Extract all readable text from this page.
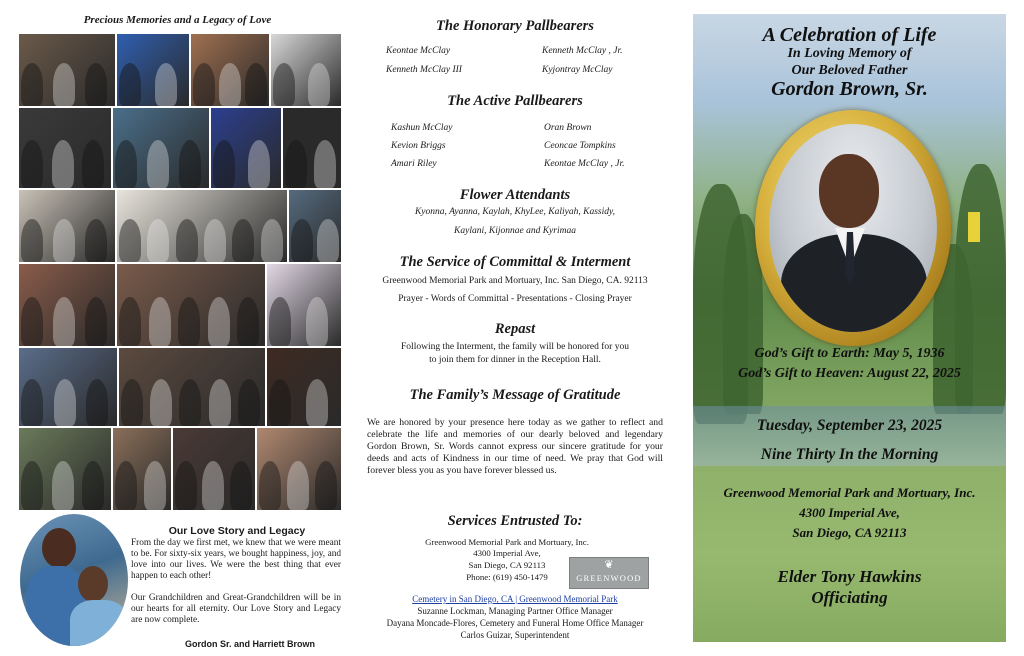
Precious Memories and a Legacy of Love
Our Love Story and Legacy
From the day we first met, we knew that we were meant to be. For sixty-six years, we bought happiness, joy, and love into our lives. We were the best thing that ever happen to each other!
Our Grandchildren and Great-Grandchildren will be in our hearts for all eternity. Our Love Story and Legacy are now complete.
Gordon Sr. and Harriett Brown
The Honorary Pallbearers
Keontae McClay	Kenneth McClay , Jr.
Kenneth McClay III	Kyjontray McClay
The Active Pallbearers
Kashun McClay	Oran Brown
Kevion Briggs	Ceoncae Tompkins
Amari Riley	Keontae McClay , Jr.
Flower Attendants
Kyonna, Ayanna, Kaylah, KhyLee, Kaliyah, Kassidy,
Kaylani, Kijonnae and Kyrimaa
The Service of Committal & Interment
Greenwood Memorial Park and Mortuary, Inc. San Diego, CA. 92113
Prayer - Words of Committal - Presentations - Closing Prayer
Repast
Following the Interment, the family will be honored for you
to join them for dinner in the Reception Hall.
The Family’s Message of Gratitude
We are honored by your presence here today as we gather to reflect and celebrate the life and memories of our dearly beloved and legendary Gordon Brown, Sr. Words cannot express our sincere gratitude for your deeds and acts of Kindness in our time of need. We pray that God will forever bless you as you have forever blessed us.
Services Entrusted To:
Greenwood Memorial Park and Mortuary, Inc.
4300 Imperial Ave,
San Diego, CA 92113
Phone: (619) 450-1479
❦
GREENWOOD
Cemetery in San Diego, CA | Greenwood Memorial Park
Suzanne Lockman, Managing Partner Office Manager
Dayana Moncade-Flores, Cemetery and Funeral Home Office Manager
Carlos Guizar, Superintendent
A Celebration of Life
In Loving Memory of
Our Beloved Father
Gordon Brown, Sr.
God’s Gift to Earth: May 5, 1936
God’s Gift to Heaven: August 22, 2025
Tuesday, September 23, 2025
Nine Thirty In the Morning
Greenwood Memorial Park and Mortuary, Inc.
4300 Imperial Ave,
San Diego, CA 92113
Elder Tony Hawkins
Officiating
